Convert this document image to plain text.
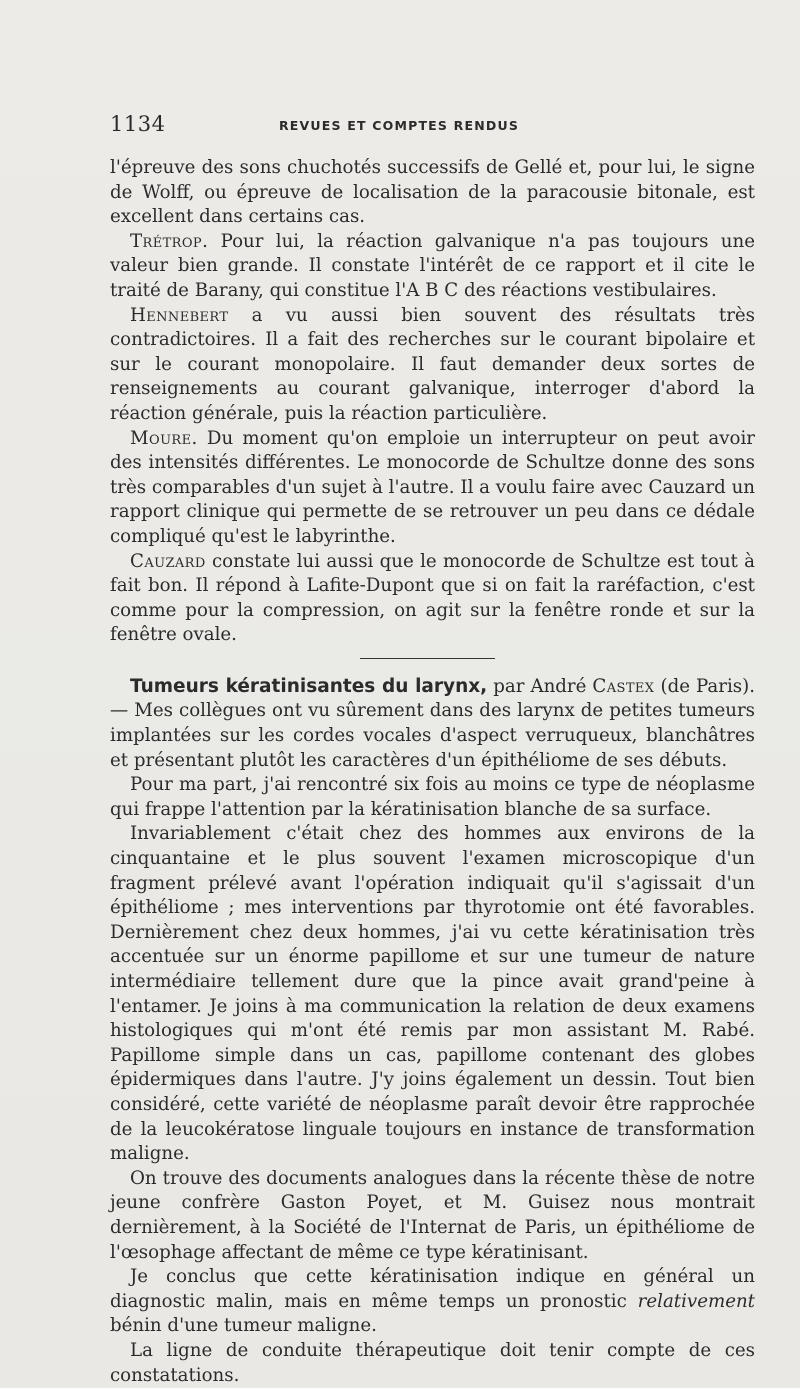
1134	REVUES ET COMPTES RENDUS

l'épreuve des sons chuchotés successifs de Gellé et, pour lui, le signe de Wolff, ou épreuve de localisation de la paracousie bitonale, est excellent dans certains cas.

Trétrop. Pour lui, la réaction galvanique n'a pas toujours une valeur bien grande. Il constate l'intérêt de ce rapport et il cite le traité de Barany, qui constitue l'A B C des réactions vestibulaires.

Hennebert a vu aussi bien souvent des résultats très contradictoires. Il a fait des recherches sur le courant bipolaire et sur le courant monopolaire. Il faut demander deux sortes de renseignements au courant galvanique, interroger d'abord la réaction générale, puis la réaction particulière.

Moure. Du moment qu'on emploie un interrupteur on peut avoir des intensités différentes. Le monocorde de Schultze donne des sons très comparables d'un sujet à l'autre. Il a voulu faire avec Cauzard un rapport clinique qui permette de se retrouver un peu dans ce dédale compliqué qu'est le labyrinthe.

Cauzard constate lui aussi que le monocorde de Schultze est tout à fait bon. Il répond à Lafite-Dupont que si on fait la raréfaction, c'est comme pour la compression, on agit sur la fenêtre ronde et sur la fenêtre ovale.

Tumeurs kératinisantes du larynx, par André Castex (de Paris). — Mes collègues ont vu sûrement dans des larynx de petites tumeurs implantées sur les cordes vocales d'aspect verruqueux, blanchâtres et présentant plutôt les caractères d'un épithéliome de ses débuts.

Pour ma part, j'ai rencontré six fois au moins ce type de néoplasme qui frappe l'attention par la kératinisation blanche de sa surface.

Invariablement c'était chez des hommes aux environs de la cinquantaine et le plus souvent l'examen microscopique d'un fragment prélevé avant l'opération indiquait qu'il s'agissait d'un épithéliome ; mes interventions par thyrotomie ont été favorables. Dernièrement chez deux hommes, j'ai vu cette kératinisation très accentuée sur un énorme papillome et sur une tumeur de nature intermédiaire tellement dure que la pince avait grand'peine à l'entamer. Je joins à ma communication la relation de deux examens histologiques qui m'ont été remis par mon assistant M. Rabé. Papillome simple dans un cas, papillome contenant des globes épidermiques dans l'autre. J'y joins également un dessin. Tout bien considéré, cette variété de néoplasme paraît devoir être rapprochée de la leucokératose linguale toujours en instance de transformation maligne.

On trouve des documents analogues dans la récente thèse de notre jeune confrère Gaston Poyet, et M. Guisez nous montrait dernièrement, à la Société de l'Internat de Paris, un épithéliome de l'œsophage affectant de même ce type kératinisant.

Je conclus que cette kératinisation indique en général un diagnostic malin, mais en même temps un pronostic relativement bénin d'une tumeur maligne.

La ligne de conduite thérapeutique doit tenir compte de ces constatations.
